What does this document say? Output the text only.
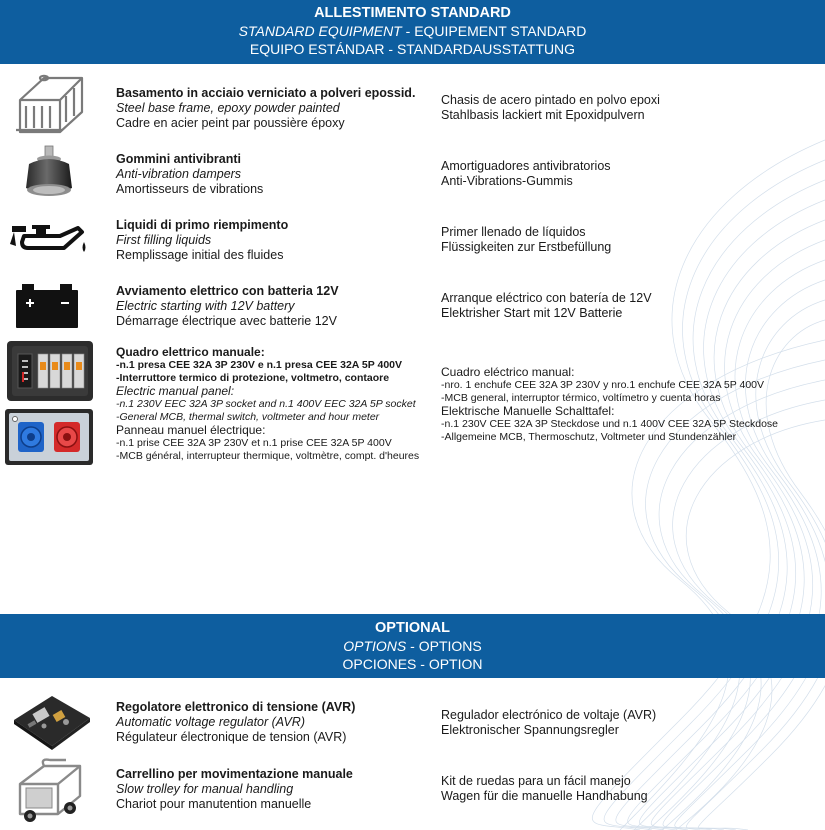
ALLESTIMENTO STANDARD
STANDARD EQUIPMENT - EQUIPEMENT STANDARD
EQUIPO ESTÁNDAR - STANDARDAUSSTATTUNG
Basamento in acciaio verniciato a polveri epossid.
Steel base frame, epoxy powder painted
Cadre en acier peint par poussière époxy
Chasis de acero pintado en polvo epoxi
Stahlbasis lackiert mit Epoxidpulvern
Gommini antivibranti
Anti-vibration dampers
Amortisseurs de vibrations
Amortiguadores antivibratorios
Anti-Vibrations-Gummis
Liquidi di primo riempimento
First filling liquids
Remplissage initial des fluides
Primer llenado de líquidos
Flüssigkeiten zur Erstbefüllung
Avviamento elettrico con batteria 12V
Electric starting with 12V battery
Démarrage électrique avec batterie 12V
Arranque eléctrico con batería de 12V
Elektrisher Start mit 12V Batterie
Quadro elettrico manuale:
-n.1 presa CEE 32A 3P 230V e n.1 presa CEE 32A 5P 400V
-Interruttore termico di protezione, voltmetro, contaore
Electric manual panel:
-n.1 230V EEC 32A 3P socket and n.1 400V EEC 32A 5P socket
-General MCB, thermal switch, voltmeter and hour meter
Panneau manuel électrique:
-n.1 prise CEE 32A 3P 230V et n.1 prise CEE 32A 5P 400V
-MCB général, interrupteur thermique, voltmètre, compt. d'heures
Cuadro eléctrico manual:
-nro. 1 enchufe CEE 32A 3P 230V y nro.1 enchufe CEE 32A 5P 400V
-MCB general, interruptor térmico, voltímetro y cuenta horas
Elektrische Manuelle Schalttafel:
-n.1 230V CEE 32A 3P Steckdose und n.1 400V CEE 32A 5P Steckdose
-Allgemeine MCB, Thermoschutz, Voltmeter und Stundenzähler
OPTIONAL
OPTIONS - OPTIONS
OPCIONES - OPTION
Regolatore elettronico di tensione (AVR)
Automatic voltage regulator (AVR)
Régulateur électronique de tension (AVR)
Regulador electrónico de voltaje (AVR)
Elektronischer Spannungsregler
Carrellino per movimentazione manuale
Slow trolley for manual handling
Chariot pour manutention manuelle
Kit de ruedas para un fácil manejo
Wagen für die manuelle Handhabung
